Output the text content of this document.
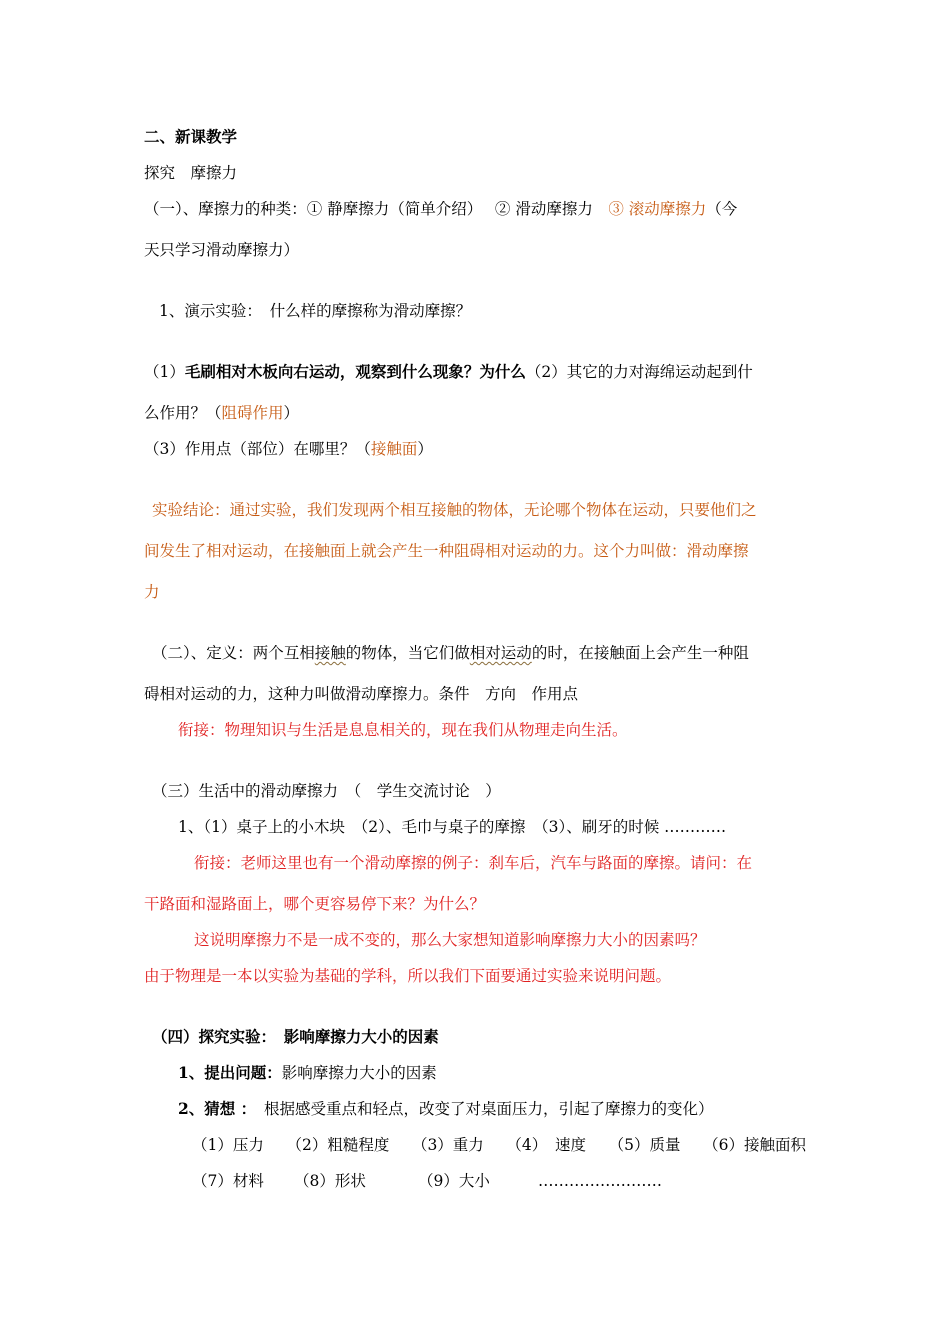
二、新课教学
探究　摩擦力
（一）、摩擦力的种类：① 静摩擦力（简单介绍）　 ② 滑动摩擦力　 ③ 滚动摩擦力（今
天只学习滑动摩擦力）
1、演示实验：　什么样的摩擦称为滑动摩擦？
（1）毛刷相对木板向右运动，观察到什么现象？为什么（2）其它的力对海绵运动起到什
么作用？（阻碍作用）
（3）作用点（部位）在哪里？（接触面）
实验结论：通过实验，我们发现两个相互接触的物体，无论哪个物体在运动，只要他们之
间发生了相对运动，在接触面上就会产生一种阻碍相对运动的力。这个力叫做：滑动摩擦
力
（二）、定义：两个互相接触的物体，当它们做相对运动的时，在接触面上会产生一种阻
碍相对运动的力，这种力叫做滑动摩擦力。条件　方向　作用点
衔接：物理知识与生活是息息相关的，现在我们从物理走向生活。
（三）生活中的滑动摩擦力　（　学生交流讨论　）
1、（1）桌子上的小木块　（2）、毛巾与桌子的摩擦　（3）、刷牙的时候 …………
衔接：老师这里也有一个滑动摩擦的例子：刹车后，汽车与路面的摩擦。请问：在
干路面和湿路面上，哪个更容易停下来？为什么？
这说明摩擦力不是一成不变的，那么大家想知道影响摩擦力大小的因素吗？
由于物理是一本以实验为基础的学科，所以我们下面要通过实验来说明问题。
（四）探究实验：　影响摩擦力大小的因素
1、提出问题：影响摩擦力大小的因素
2、猜想 ：　根据感受重点和轻点，改变了对桌面压力，引起了摩擦力的变化）
（1）压力 （2）粗糙程度 （3）重力 （4）　速度 （5）质量 （6）接触面积
（7）材料 （8）形状	（9）大小	……………………
